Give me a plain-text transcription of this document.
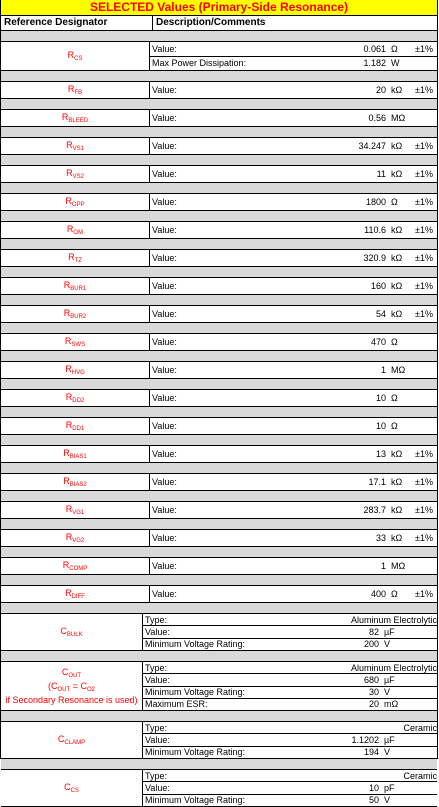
SELECTED Values (Primary-Side Resonance)
Reference Designator	Description/Comments
$R_{CS}$
Value:	0.061 Ω	±1%
Max Power Dissipation:	1.182 W
$R_{FB}$	Value:	20 kΩ	±1%
$R_{BLEED}$	Value:	0.56 MΩ
$R_{VS1}$	Value:	34.247 kΩ	±1%
$R_{VS2}$	Value:	11 kΩ	±1%
$R_{OPP}$	Value:	1800 Ω	±1%
$R_{OM}$	Value:	110.6 kΩ	±1%
$R_{TZ}$	Value:	320.9 kΩ	±1%
$R_{BUR1}$	Value:	160 kΩ	±1%
$R_{BUR2}$	Value:	54 kΩ	±1%
$R_{SWS}$	Value:	470 Ω
$R_{HVG}$	Value:	1 MΩ
$R_{DD2}$	Value:	10 Ω
$R_{DD1}$	Value:	10 Ω
$R_{BIAS1}$	Value:	13 kΩ	±1%
$R_{BIAS2}$	Value:	17.1 kΩ	±1%
$R_{VG1}$	Value:	283.7 kΩ	±1%
$R_{VG2}$	Value:	33 kΩ	±1%
$R_{COMP}$	Value:	1 MΩ
$R_{DIFF}$	Value:	400 Ω	±1%
$C_{BULK}$
Type:	Aluminum Electrolytic
Value:	82 µF
Minimum Voltage Rating:	200 V
$C_{OUT}$
($C_{OUT} = C_{O2}$
if Secondary Resonance is used)
Type:	Aluminum Electrolytic
Value:	680 µF
Minimum Voltage Rating:	30 V
Maximum ESR:	20 mΩ
$C_{CLAMP}$
Type:	Ceramic
Value:	1.1202 µF
Minimum Voltage Rating:	194 V
$C_{CS}$
Type:	Ceramic
Value:	10 pF
Minimum Voltage Rating:	50 V
